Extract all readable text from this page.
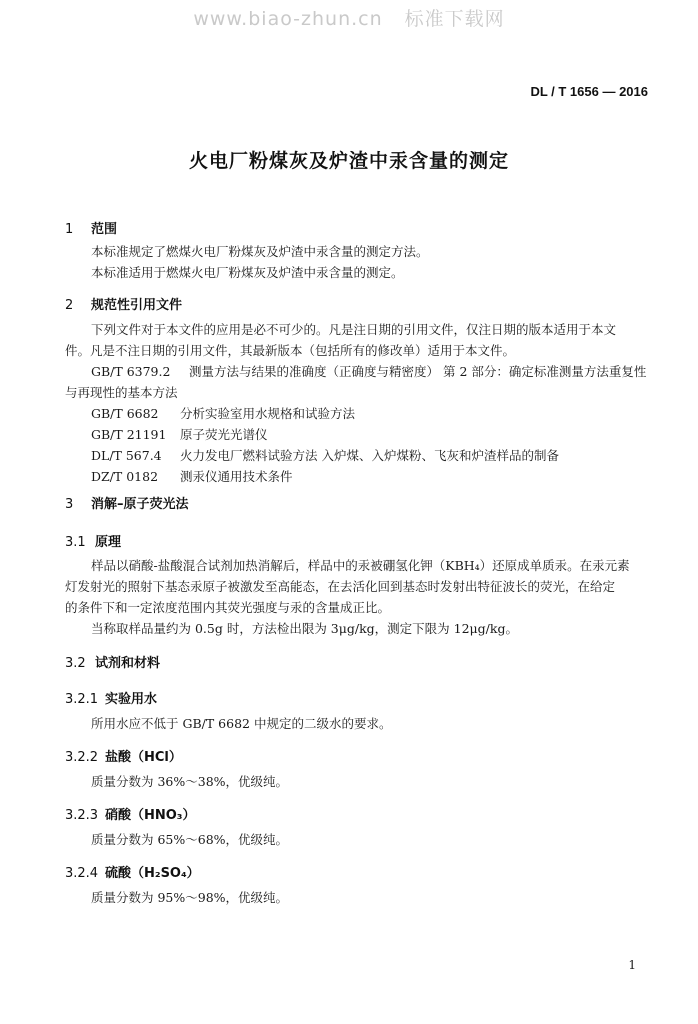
www.biao-zhun.cn 标准下载网
DL / T 1656 — 2016
火电厂粉煤灰及炉渣中汞含量的测定
1 范围
本标准规定了燃煤火电厂粉煤灰及炉渣中汞含量的测定方法。
本标准适用于燃煤火电厂粉煤灰及炉渣中汞含量的测定。
2 规范性引用文件
下列文件对于本文件的应用是必不可少的。凡是注日期的引用文件，仅注日期的版本适用于本文
件。凡是不注日期的引用文件，其最新版本（包括所有的修改单）适用于本文件。
GB/T 6379.2 测量方法与结果的准确度（正确度与精密度） 第 2 部分：确定标准测量方法重复性
与再现性的基本方法
GB/T 6682 分析实验室用水规格和试验方法
GB/T 21191 原子荧光光谱仪
DL/T 567.4 火力发电厂燃料试验方法 入炉煤、入炉煤粉、飞灰和炉渣样品的制备
DZ/T 0182 测汞仪通用技术条件
3 消解–原子荧光法
3.1 原理
样品以硝酸-盐酸混合试剂加热消解后，样品中的汞被硼氢化钾（KBH₄）还原成单质汞。在汞元素
灯发射光的照射下基态汞原子被激发至高能态，在去活化回到基态时发射出特征波长的荧光，在给定
的条件下和一定浓度范围内其荧光强度与汞的含量成正比。
当称取样品量约为 0.5g 时，方法检出限为 3μg/kg，测定下限为 12μg/kg。
3.2 试剂和材料
3.2.1 实验用水
所用水应不低于 GB/T 6682 中规定的二级水的要求。
3.2.2 盐酸（HCl）
质量分数为 36%～38%，优级纯。
3.2.3 硝酸（HNO₃）
质量分数为 65%～68%，优级纯。
3.2.4 硫酸（H₂SO₄）
质量分数为 95%～98%，优级纯。
1
